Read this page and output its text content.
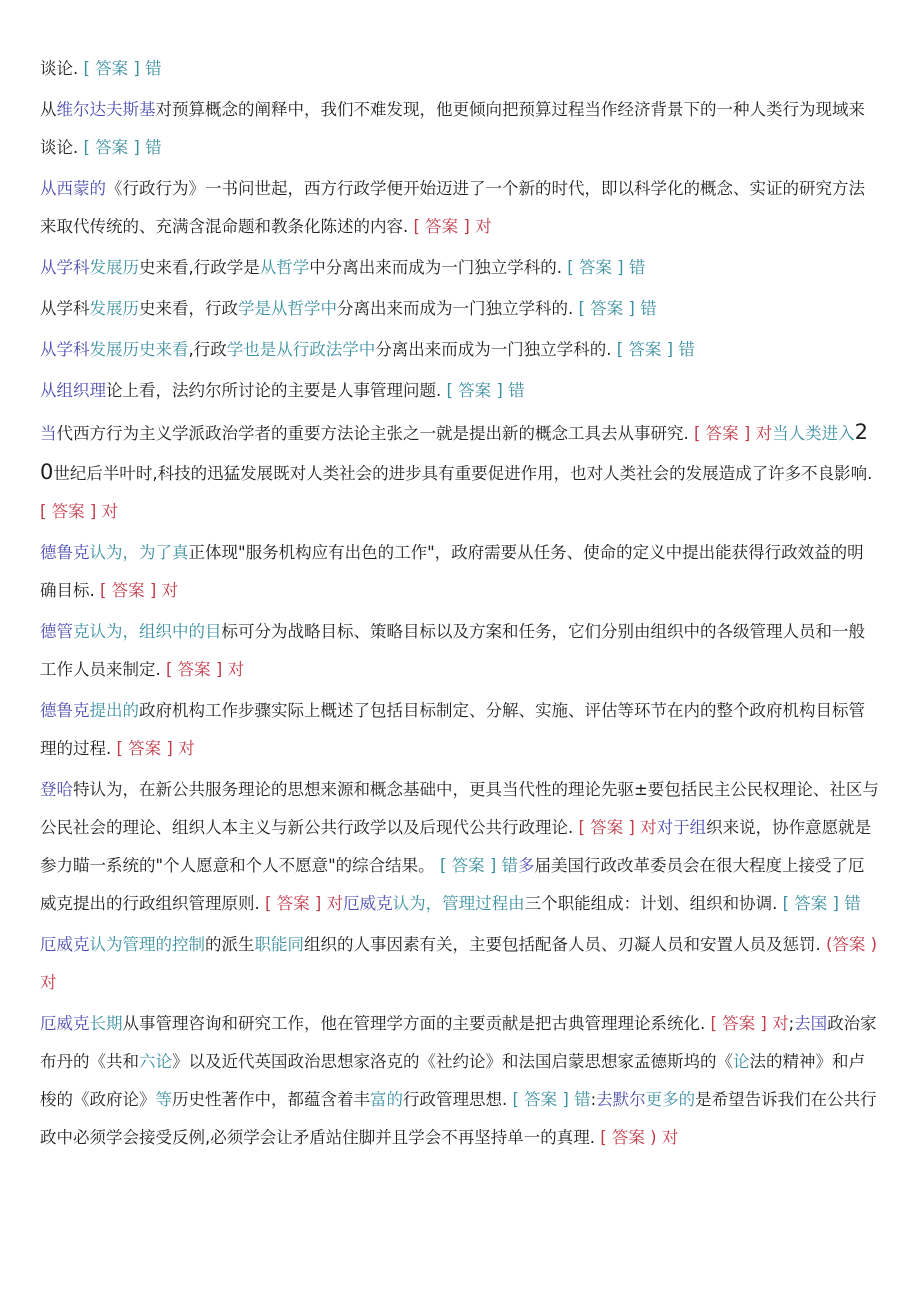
谈论. [ 答案 ] 错

从维尔达夫斯基对预算概念的阐释中，我们不难发现，他更倾向把预算过程当作经济背景下的一种人类行为现域来谈论. [ 答案 ] 错

从西蒙的《行政行为》一书问世起，西方行政学便开始迈进了一个新的时代，即以科学化的概念、实证的研究方法来取代传统的、充满含混命题和教条化陈述的内容. [ 答案 ] 对

从学科发展历史来看,行政学是从哲学中分离出来而成为一门独立学科的. [ 答案 ] 错

从学科发展历史来看，行政学是从哲学中分离出来而成为一门独立学科的. [ 答案 ] 错

从学科发展历史来看,行政学也是从行政法学中分离出来而成为一门独立学科的. [ 答案 ] 错

从组织理论上看，法约尔所讨论的主要是人事管理问题. [ 答案 ] 错

当代西方行为主义学派政治学者的重要方法论主张之一就是提出新的概念工具去从事研究. [ 答案 ] 对当人类进入20世纪后半叶时,科技的迅猛发展既对人类社会的进步具有重要促进作用，也对人类社会的发展造成了许多不良影响. [ 答案 ] 对

德鲁克认为，为了真正体现"服务机构应有出色的工作"，政府需要从任务、使命的定义中提出能获得行政效益的明确目标. [ 答案 ] 对

德管克认为，组织中的目标可分为战略目标、策略目标以及方案和任务，它们分别由组织中的各级管理人员和一般工作人员来制定. [ 答案 ] 对

德鲁克提出的政府机构工作步骤实际上概述了包括目标制定、分解、实施、评估等环节在内的整个政府机构目标管理的过程. [ 答案 ] 对

登哈特认为，在新公共服务理论的思想来源和概念基础中，更具当代性的理论先驱±要包括民主公民权理论、社区与公民社会的理论、组织人本主义与新公共行政学以及后现代公共行政理论. [ 答案 ] 对对于组织来说，协作意愿就是参力瞄一系统的"个人愿意和个人不愿意"的综合结果。 [ 答案 ] 错多届美国行政改革委员会在很大程度上接受了厄威克提出的行政组织管理原则. [ 答案 ] 对厄威克认为，管理过程由三个职能组成：计划、组织和协调. [ 答案 ] 错

厄威克认为管理的控制的派生职能同组织的人事因素有关，主要包括配备人员、刃凝人员和安置人员及惩罚. (答案 ) 对

厄威克长期从事管理咨询和研究工作，他在管理学方面的主要贡献是把古典管理理论系统化. [ 答案 ] 对;去国政治家布丹的《共和六论》以及近代英国政治思想家洛克的《社约论》和法国启蒙思想家孟德斯坞的《论法的精神》和卢梭的《政府论》等历史性著作中，都蕴含着丰富的行政管理思想. [ 答案 ] 错:去默尔更多的是希望告诉我们在公共行政中必须学会接受反例,必须学会让矛盾站住脚并且学会不再坚持单一的真理. [ 答案 ) 对
